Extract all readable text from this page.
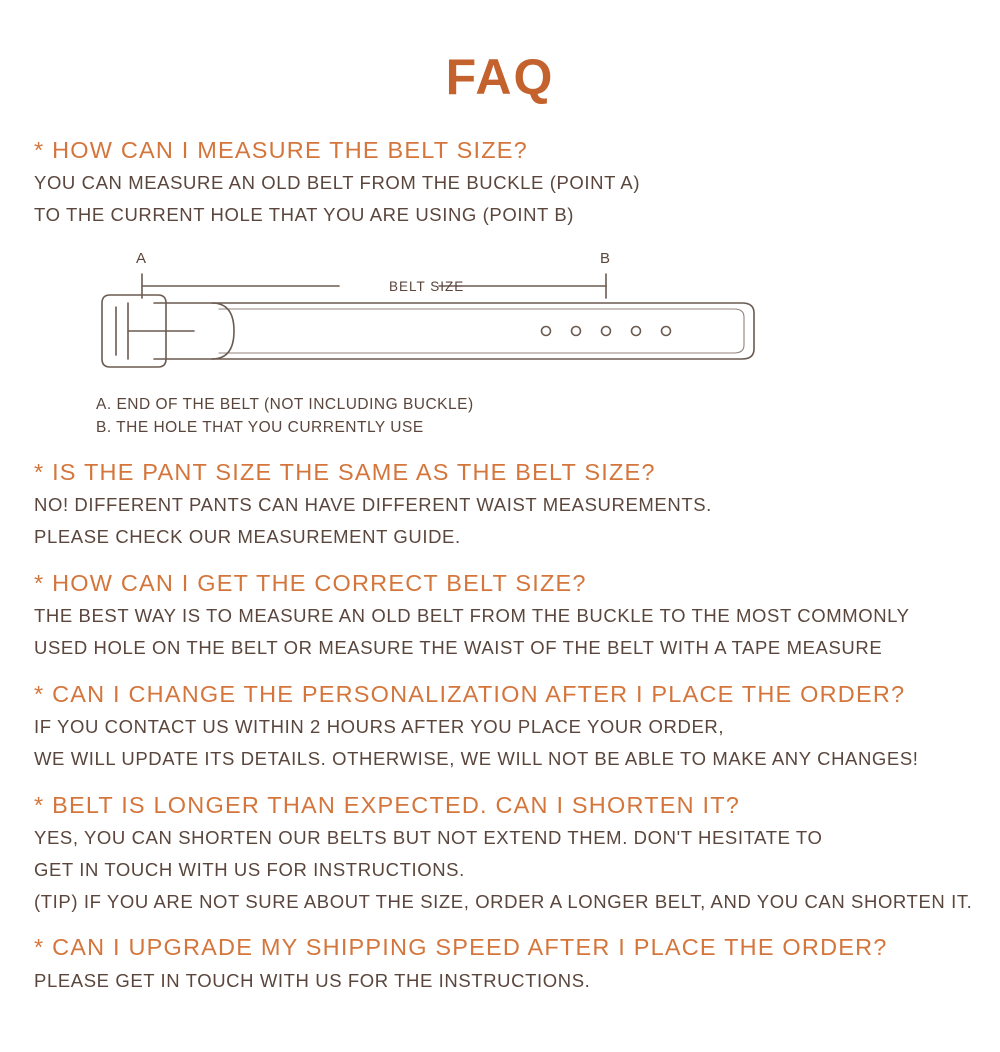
FAQ

* HOW CAN I MEASURE THE BELT SIZE?

YOU CAN MEASURE AN OLD BELT FROM THE BUCKLE (POINT A)

TO THE CURRENT HOLE THAT YOU ARE USING (POINT B)

A	B
BELT SIZE
A. END OF THE BELT (NOT INCLUDING BUCKLE)
B. THE HOLE THAT YOU CURRENTLY USE

* IS THE PANT SIZE THE SAME AS THE BELT SIZE?

NO! DIFFERENT PANTS CAN HAVE DIFFERENT WAIST MEASUREMENTS.

PLEASE CHECK OUR MEASUREMENT GUIDE.

* HOW CAN I GET THE CORRECT BELT SIZE?

THE BEST WAY IS TO MEASURE AN OLD BELT FROM THE BUCKLE TO THE MOST COMMONLY

USED HOLE ON THE BELT OR MEASURE THE WAIST OF THE BELT WITH A TAPE MEASURE

* CAN I CHANGE THE PERSONALIZATION AFTER I PLACE THE ORDER?

IF YOU CONTACT US WITHIN 2 HOURS AFTER YOU PLACE YOUR ORDER,

WE WILL UPDATE ITS DETAILS. OTHERWISE, WE WILL NOT BE ABLE TO MAKE ANY CHANGES!

* BELT IS LONGER THAN EXPECTED. CAN I SHORTEN IT?

YES, YOU CAN SHORTEN OUR BELTS BUT NOT EXTEND THEM. DON'T HESITATE TO

GET IN TOUCH WITH US FOR INSTRUCTIONS.

(TIP) IF YOU ARE NOT SURE ABOUT THE SIZE, ORDER A LONGER BELT, AND YOU CAN SHORTEN IT.

* CAN I UPGRADE MY SHIPPING SPEED AFTER I PLACE THE ORDER?

PLEASE GET IN TOUCH WITH US FOR THE INSTRUCTIONS.
